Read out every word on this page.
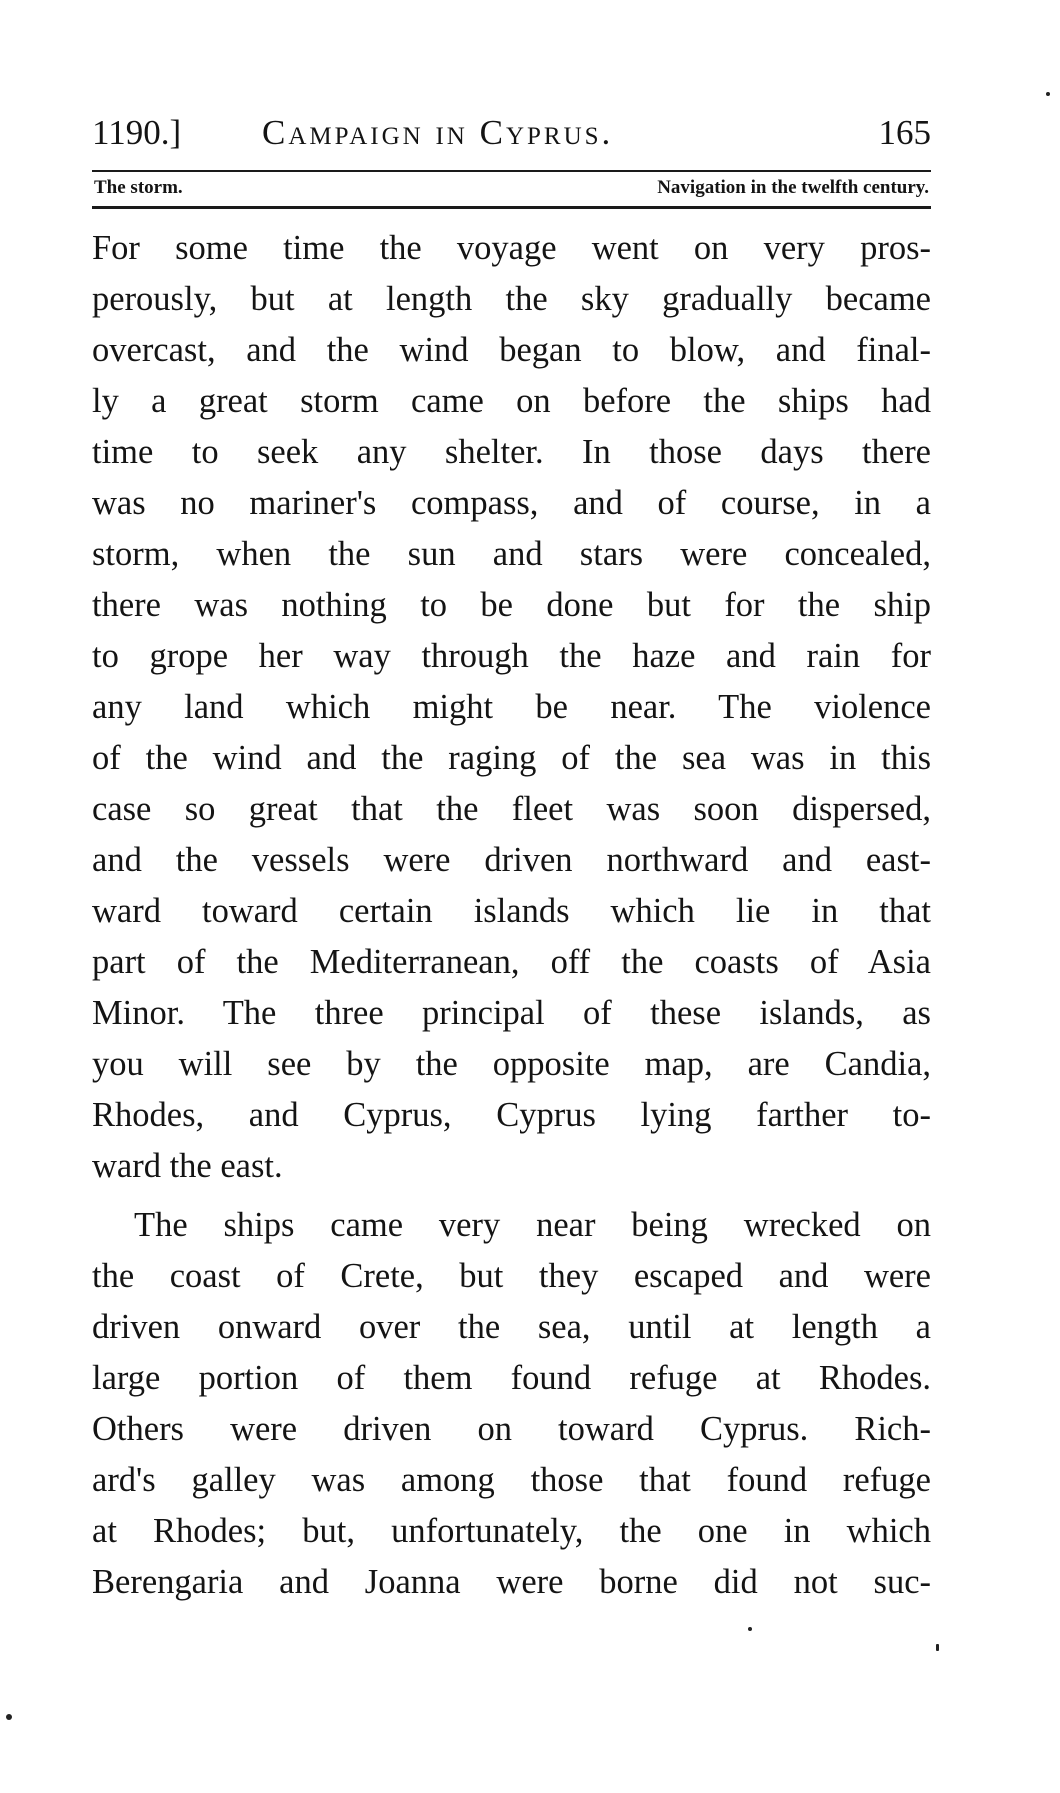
1190.] Campaign in Cyprus.	165
The storm.	Navigation in the twelfth century.
For some time the voyage went on very pros-
perously, but at length the sky gradually became
overcast, and the wind began to blow, and final-
ly a great storm came on before the ships had
time to seek any shelter. In those days there
was no mariner's compass, and of course, in a
storm, when the sun and stars were concealed,
there was nothing to be done but for the ship
to grope her way through the haze and rain for
any land which might be near. The violence
of the wind and the raging of the sea was in this
case so great that the fleet was soon dispersed,
and the vessels were driven northward and east-
ward toward certain islands which lie in that
part of the Mediterranean, off the coasts of Asia
Minor. The three principal of these islands, as
you will see by the opposite map, are Candia,
Rhodes, and Cyprus, Cyprus lying farther to-
ward the east.
The ships came very near being wrecked on
the coast of Crete, but they escaped and were
driven onward over the sea, until at length a
large portion of them found refuge at Rhodes.
Others were driven on toward Cyprus. Rich-
ard's galley was among those that found refuge
at Rhodes; but, unfortunately, the one in which
Berengaria and Joanna were borne did not suc-
